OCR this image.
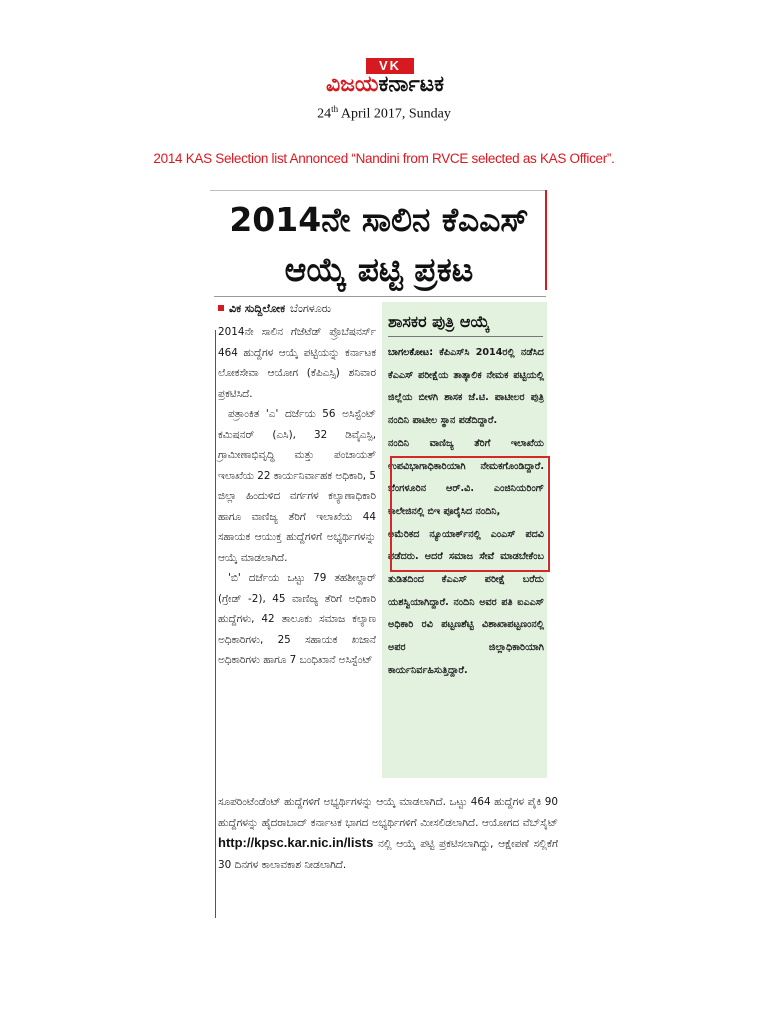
VK
ವಿಜಯ ಕರ್ನಾಟಕ
24th April 2017, Sunday
2014 KAS Selection list Annonced “Nandini from RVCE selected as KAS Officer”.
2014ನೇ ಸಾಲಿನ ಕೆಎಎಸ್
ಆಯ್ಕೆ ಪಟ್ಟಿ ಪ್ರಕಟ
ವಿಕ ಸುದ್ದಿಲೋಕ ಬೆಂಗಳೂರು

2014ನೇ ಸಾಲಿನ ಗೆಜೆಟೆಡ್ ಪ್ರೊಬೆಷನರ್ಸ್ 464 ಹುದ್ದೆಗಳ ಆಯ್ಕೆ ಪಟ್ಟಿಯನ್ನು ಕರ್ನಾಟಕ ಲೋಕಸೇವಾ ಆಯೋಗ (ಕೆಪಿಎಸ್ಸಿ) ಶನಿವಾರ ಪ್ರಕಟಿಸಿದೆ.

ಪತ್ರಾಂಕಿತ 'ಎ' ದರ್ಜೆಯ 56 ಅಸಿಸ್ಟೆಂಟ್ ಕಮಿಷನರ್ (ಎಸಿ), 32 ಡಿವೈಎಸ್ಪಿ, ಗ್ರಾಮೀಣಾಭಿವೃದ್ಧಿ ಮತ್ತು ಪಂಚಾಯತ್ ಇಲಾಖೆಯ 22 ಕಾರ್ಯನಿರ್ವಾಹಕ ಅಧಿಕಾರಿ, 5 ಜಿಲ್ಲಾ ಹಿಂದುಳಿದ ವರ್ಗಗಳ ಕಲ್ಯಾಣಾಧಿಕಾರಿ ಹಾಗೂ ವಾಣಿಜ್ಯ ತೆರಿಗೆ ಇಲಾಖೆಯ 44 ಸಹಾಯಕ ಆಯುಕ್ತ ಹುದ್ದೆಗಳಿಗೆ ಅಭ್ಯರ್ಥಿಗಳನ್ನು ಆಯ್ಕೆ ಮಾಡಲಾಗಿದೆ.

'ಬಿ' ದರ್ಜೆಯ ಒಟ್ಟು 79 ತಹಶೀಲ್ದಾರ್ (ಗ್ರೇಡ್ -2), 45 ವಾಣಿಜ್ಯ ತೆರಿಗೆ ಅಧಿಕಾರಿ ಹುದ್ದೆಗಳು, 42 ತಾಲೂಕು ಸಮಾಜ ಕಲ್ಯಾಣ ಅಧಿಕಾರಿಗಳು, 25 ಸಹಾಯಕ ಖಜಾನೆ ಅಧಿಕಾರಿಗಳು ಹಾಗೂ 7 ಬಂಧಿಖಾನೆ ಅಸಿಸ್ಟೆಂಟ್

ಶಾಸಕರ ಪುತ್ರಿ ಆಯ್ಕೆ

ಬಾಗಲಕೋಟ: ಕೆಪಿಎಸ್‌ಸಿ 2014ರಲ್ಲಿ ನಡೆಸಿದ ಕೆಎಎಸ್ ಪರೀಕ್ಷೆಯ ತಾತ್ಕಾಲಿಕ ನೇಮಕ ಪಟ್ಟಿಯಲ್ಲಿ ಜಿಲ್ಲೆಯ ಬೀಳಗಿ ಶಾಸಕ ಜೆ.ಟಿ. ಪಾಟೀಲರ ಪುತ್ರಿ ನಂದಿನಿ ಪಾಟೀಲ ಸ್ಥಾನ ಪಡೆದಿದ್ದಾರೆ.

ನಂದಿನಿ ವಾಣಿಜ್ಯ ತೆರಿಗೆ ಇಲಾಖೆಯ ಉಪವಿಭಾಗಾಧಿಕಾರಿಯಾಗಿ ನೇಮಕಗೊಂಡಿದ್ದಾರೆ. ಬೆಂಗಳೂರಿನ ಆರ್.ವಿ. ಎಂಜಿನಿಯರಿಂಗ್ ಕಾಲೇಜಿನಲ್ಲಿ ಬಿಇ ಪೂರೈಸಿದ ನಂದಿನಿ,

ಅಮೆರಿಕದ ನ್ಯೂಯಾರ್ಕ್‌ನಲ್ಲಿ ಎಂಎಸ್ ಪದವಿ ಪಡೆದರು. ಆದರೆ ಸಮಾಜ ಸೇವೆ ಮಾಡಬೇಕೆಂಬ ತುಡಿತದಿಂದ ಕೆಎಎಸ್ ಪರೀಕ್ಷೆ ಬರೆದು ಯಶಸ್ವಿಯಾಗಿದ್ದಾರೆ. ನಂದಿನಿ ಅವರ ಪತಿ ಐಎಎಸ್ ಅಧಿಕಾರಿ ರವಿ ಪಟ್ಟಣಶೆಟ್ಟಿ ವಿಶಾಖಾಪಟ್ಟಣಂನಲ್ಲಿ ಅಪರ ಜಿಲ್ಲಾಧಿಕಾರಿಯಾಗಿ ಕಾರ್ಯನಿರ್ವಹಿಸುತ್ತಿದ್ದಾರೆ.

ಸೂಪರಿಂಟೆಂಡೆಂಟ್ ಹುದ್ದೆಗಳಿಗೆ ಅಭ್ಯರ್ಥಿಗಳನ್ನು ಆಯ್ಕೆ ಮಾಡಲಾಗಿದೆ. ಒಟ್ಟು 464 ಹುದ್ದೆಗಳ ಪೈಕಿ 90 ಹುದ್ದೆಗಳನ್ನು ಹೈದರಾಬಾದ್ ಕರ್ನಾಟಕ ಭಾಗದ ಅಭ್ಯರ್ಥಿಗಳಿಗೆ ಮೀಸಲಿಡಲಾಗಿದೆ. ಆಯೋಗದ ವೆಬ್‌ಸೈಟ್ http://kpsc.kar.nic.in/lists ನಲ್ಲಿ ಆಯ್ಕೆ ಪಟ್ಟಿ ಪ್ರಕಟಿಸಲಾಗಿದ್ದು, ಆಕ್ಷೇಪಣೆ ಸಲ್ಲಿಕೆಗೆ 30 ದಿನಗಳ ಕಾಲಾವಕಾಶ ನೀಡಲಾಗಿದೆ.
